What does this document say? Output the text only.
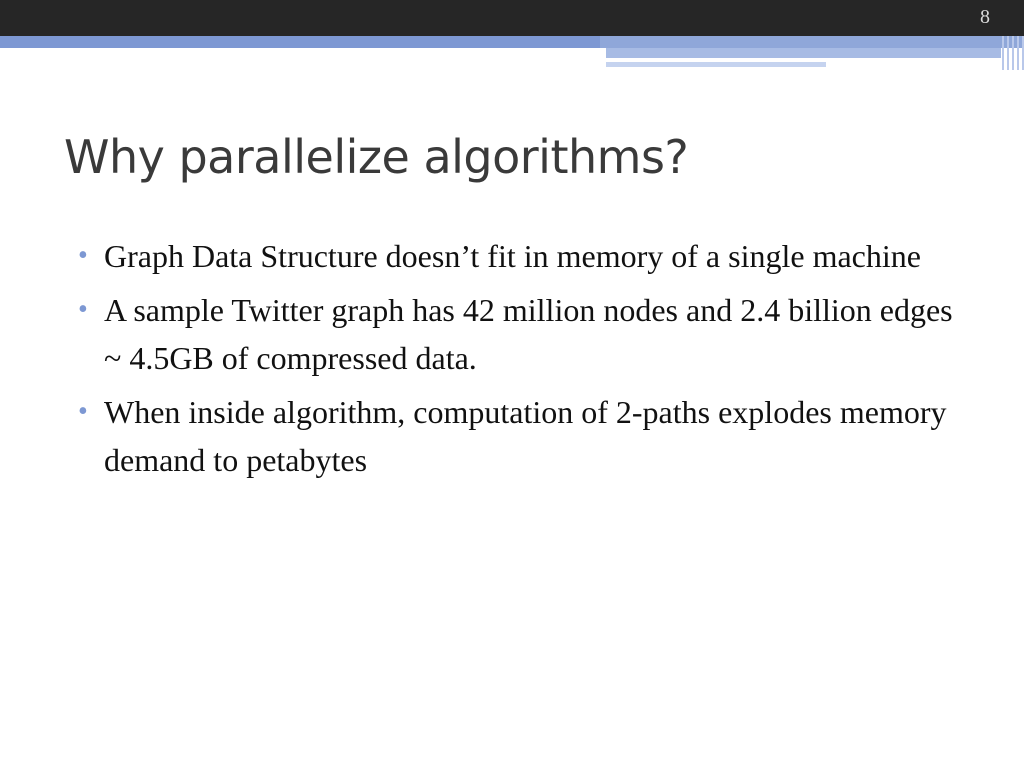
8
Why parallelize algorithms?
• Graph Data Structure doesn’t fit in memory of a single machine
• A sample Twitter graph has 42 million nodes and 2.4 billion edges ~ 4.5GB of compressed data.
• When inside algorithm, computation of 2-paths explodes memory demand to petabytes
